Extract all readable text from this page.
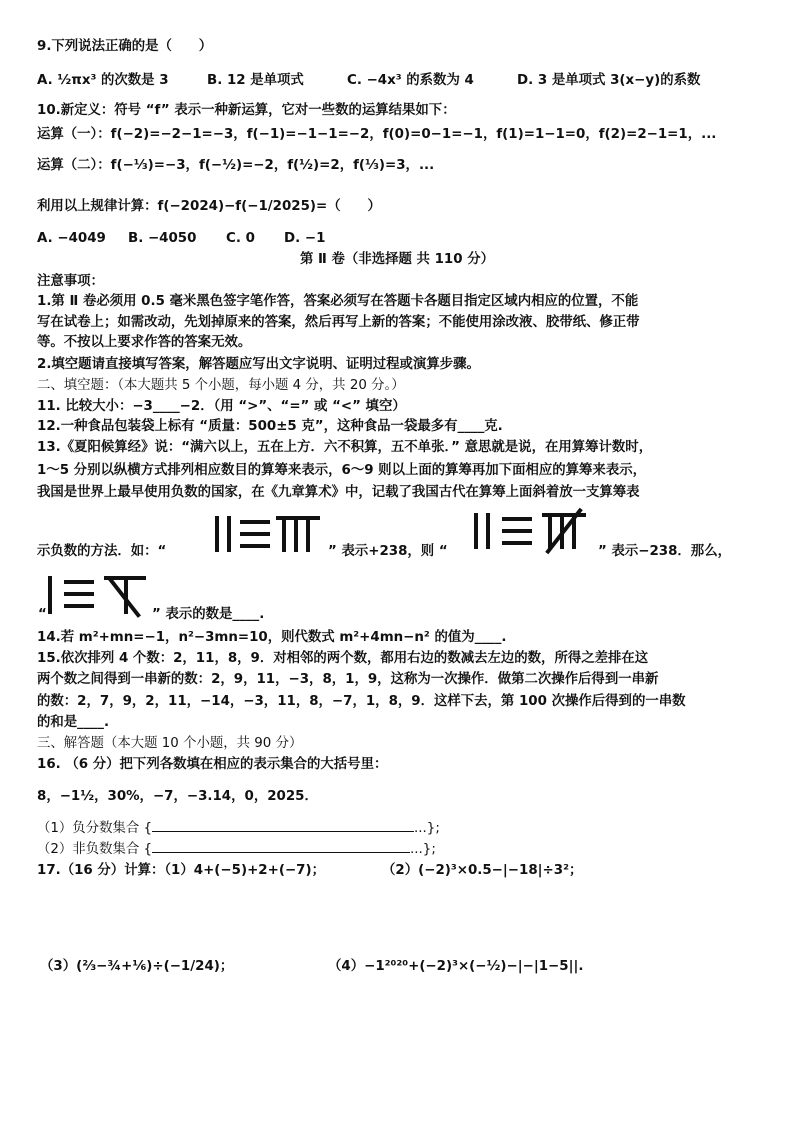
9.下列说法正确的是（　　）
A. ½πx³ 的次数是 3	B. 12 是单项式	C. −4x³ 的系数为 4	D. 3 是单项式 3(x−y)的系数
10.新定义：符号 “f” 表示一种新运算，它对一些数的运算结果如下：
运算（一）：f(−2)=−2−1=−3，f(−1)=−1−1=−2，f(0)=0−1=−1，f(1)=1−1=0，f(2)=2−1=1，...
运算（二）：f(−⅓)=−3，f(−½)=−2，f(½)=2，f(⅓)=3，...
利用以上规律计算：f(−2024)−f(−1/2025)=（　　）
A. −4049 B. −4050 C. 0 D. −1
第 Ⅱ 卷（非选择题 共 110 分）
注意事项：
1.第 Ⅱ 卷必须用 0.5 毫米黑色签字笔作答，答案必须写在答题卡各题目指定区域内相应的位置，不能
写在试卷上；如需改动，先划掉原来的答案，然后再写上新的答案；不能使用涂改液、胶带纸、修正带
等。不按以上要求作答的答案无效。
2.填空题请直接填写答案，解答题应写出文字说明、证明过程或演算步骤。
二、填空题：（本大题共 5 个小题，每小题 4 分，共 20 分。）
11. 比较大小：−3____−2．（用 “>”、“=” 或 “<” 填空）
12.一种食品包装袋上标有 “质量：500±5 克”，这种食品一袋最多有____克.
13.《夏阳候算经》说：“满六以上，五在上方．六不积算，五不单张．” 意思就是说，在用算筹计数时，
1～5 分别以纵横方式排列相应数目的算筹来表示，6～9 则以上面的算筹再加下面相应的算筹来表示，
我国是世界上最早使用负数的国家，在《九章算术》中，记载了我国古代在算筹上面斜着放一支算筹表
示负数的方法．如：“	” 表示+238，则 “	” 表示−238．那么，
“	” 表示的数是____.
14.若 m²+mn=−1，n²−3mn=10，则代数式 m²+4mn−n² 的值为____.
15.依次排列 4 个数：2，11，8，9．对相邻的两个数，都用右边的数减去左边的数，所得之差排在这
两个数之间得到一串新的数：2，9，11，−3，8，1，9，这称为一次操作．做第二次操作后得到一串新
的数：2，7，9，2，11，−14，−3，11，8，−7，1，8，9．这样下去，第 100 次操作后得到的一串数
的和是____.
三、解答题（本大题 10 个小题，共 90 分）
16. （6 分）把下列各数填在相应的表示集合的大括号里：
8，−1½，30%，−7，−3.14，0，2025．
（1）负分数集合 {	...};
（2）非负数集合 {	...};
17.（16 分）计算：（1）4+(−5)+2+(−7)；	（2）(−2)³×0.5−|−18|÷3²；
（3）(⅔−¾+⅙)÷(−1/24)；	（4）−1²⁰²⁰+(−2)³×(−½)−|−|1−5||.
